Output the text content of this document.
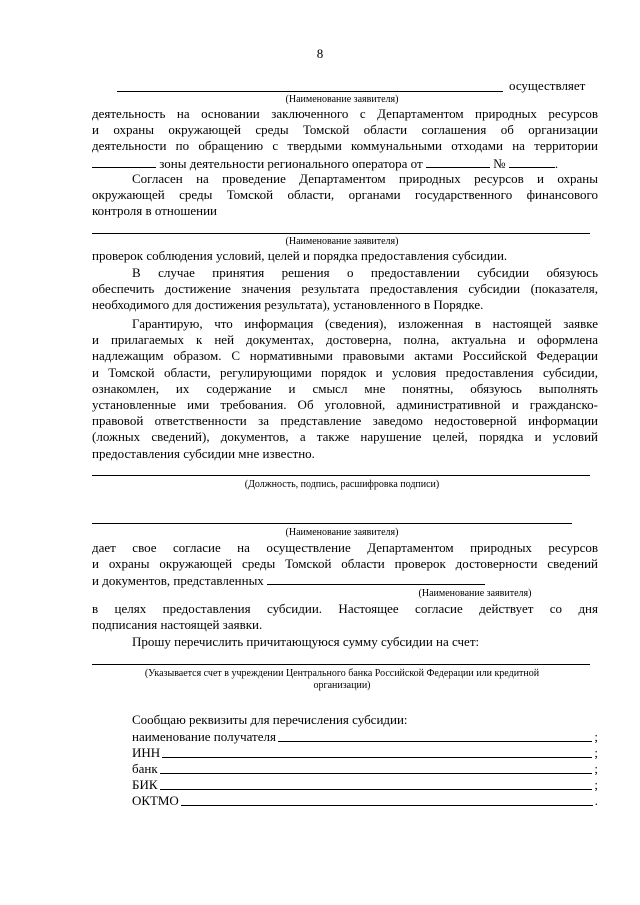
8
осуществляет
(Наименование заявителя)
деятельность на основании заключенного с Департаментом природных ресурсов
и охраны окружающей среды Томской области соглашения об организации
деятельности по обращению с твердыми коммунальными отходами на территории
зоны деятельности регионального оператора от	№	.
Согласен на проведение Департаментом природных ресурсов и охраны
окружающей среды Томской области, органами государственного финансового
контроля в отношении
(Наименование заявителя)
проверок соблюдения условий, целей и порядка предоставления субсидии.
В случае принятия решения о предоставлении субсидии обязуюсь
обеспечить достижение значения результата предоставления субсидии (показателя,
необходимого для достижения результата), установленного в Порядке.
Гарантирую, что информация (сведения), изложенная в настоящей заявке
и прилагаемых к ней документах, достоверна, полна, актуальна и оформлена
надлежащим образом. С нормативными правовыми актами Российской Федерации
и Томской области, регулирующими порядок и условия предоставления субсидии,
ознакомлен, их содержание и смысл мне понятны, обязуюсь выполнять
установленные ими требования. Об уголовной, административной и гражданско-
правовой ответственности за представление заведомо недостоверной информации
(ложных сведений), документов, а также нарушение целей, порядка и условий
предоставления субсидии мне известно.
(Должность, подпись, расшифровка подписи)
(Наименование заявителя)
дает свое согласие на осуществление Департаментом природных ресурсов
и охраны окружающей среды Томской области проверок достоверности сведений
и документов, представленных
(Наименование заявителя)
в целях предоставления субсидии. Настоящее согласие действует со дня
подписания настоящей заявки.
Прошу перечислить причитающуюся сумму субсидии на счет:
(Указывается счет в учреждении Центрального банка Российской Федерации или кредитной
организации)
Сообщаю реквизиты для перечисления субсидии:
наименование получателя	;
ИНН	;
банк	;
БИК	;
ОКТМО	.
